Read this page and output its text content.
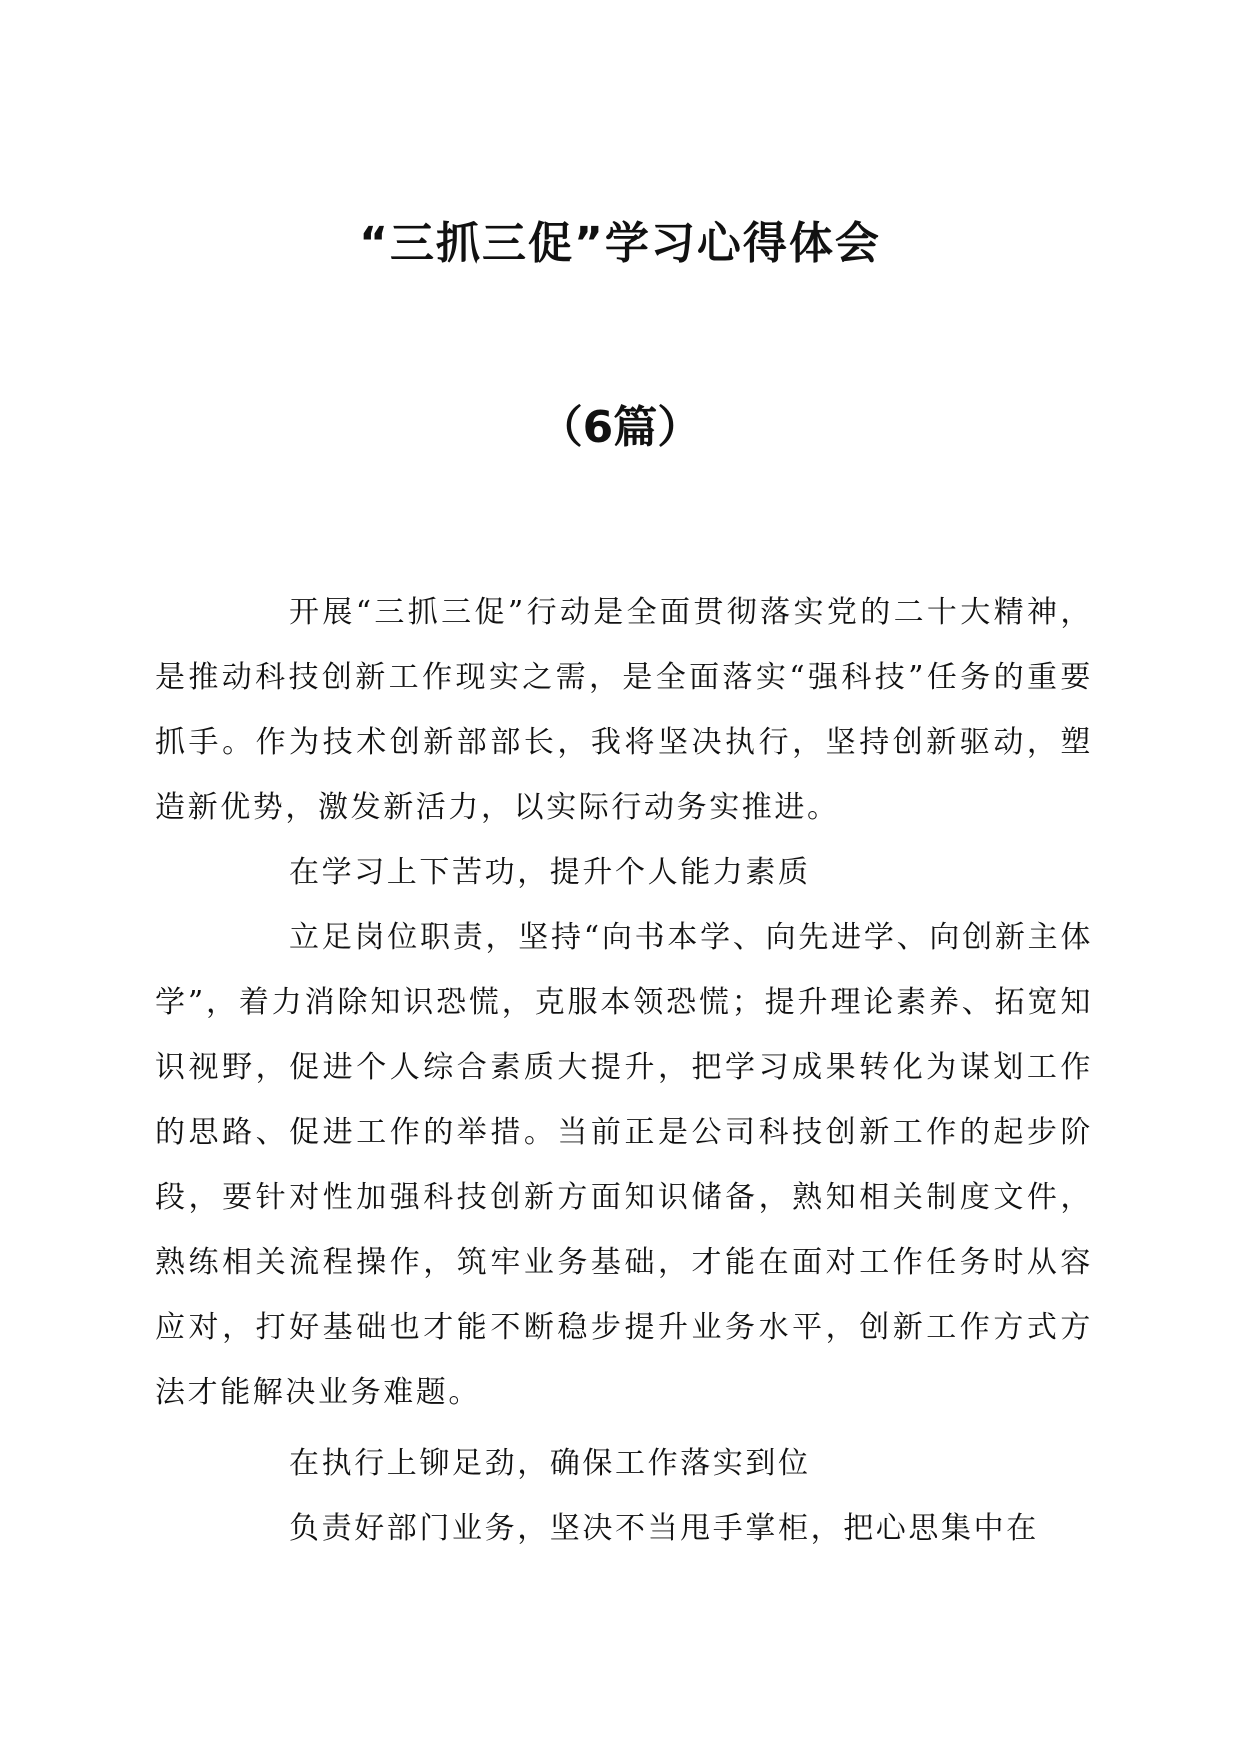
“三抓三促”学习心得体会
（6篇）

开展“三抓三促”行动是全面贯彻落实党的二十大精神，是推动科技创新工作现实之需，是全面落实“强科技”任务的重要抓手。作为技术创新部部长，我将坚决执行，坚持创新驱动，塑造新优势，激发新活力，以实际行动务实推进。

在学习上下苦功，提升个人能力素质

立足岗位职责，坚持“向书本学、向先进学、向创新主体学”，着力消除知识恐慌，克服本领恐慌；提升理论素养、拓宽知识视野，促进个人综合素质大提升，把学习成果转化为谋划工作的思路、促进工作的举措。当前正是公司科技创新工作的起步阶段，要针对性加强科技创新方面知识储备，熟知相关制度文件，熟练相关流程操作，筑牢业务基础，才能在面对工作任务时从容应对，打好基础也才能不断稳步提升业务水平，创新工作方式方法才能解决业务难题。

在执行上铆足劲，确保工作落实到位

负责好部门业务，坚决不当甩手掌柜，把心思集中在
